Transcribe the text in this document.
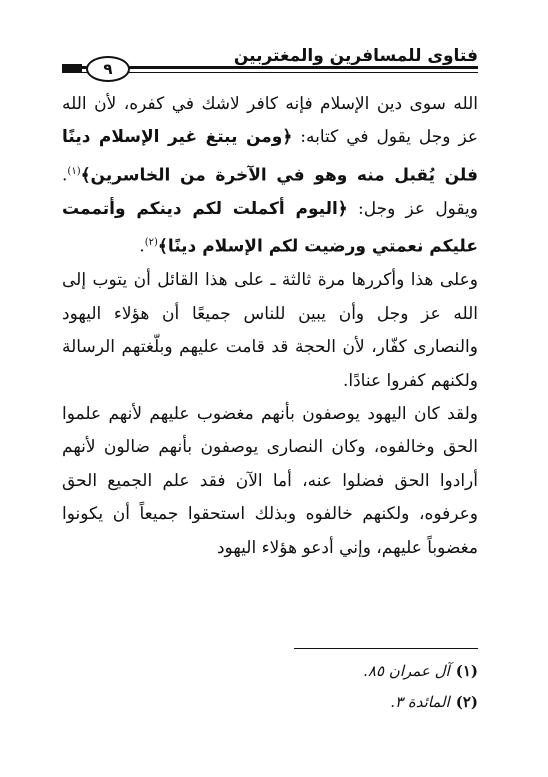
٩
فتاوى للمسافرين والمغتربين

الله سوى دين الإسلام فإنه كافر لاشك في كفره، لأن الله عز وجل يقول في كتابه: ﴿ومن يبتغ غير الإسلام دينًا فلن يُقبل منه وهو في الآخرة من الخاسرين﴾$^{(١)}$. ويقول عز وجل: ﴿اليوم أكملت لكم دينكم وأتممت عليكم نعمتي ورضيت لكم الإسلام دينًا﴾$^{(٢)}$.

وعلى هذا وأكررها مرة ثالثة ـ على هذا القائل أن يتوب إلى الله عز وجل وأن يبين للناس جميعًا أن هؤلاء اليهود والنصارى كفّار، لأن الحجة قد قامت عليهم وبلّغتهم الرسالة ولكنهم كفروا عنادًا.

ولقد كان اليهود يوصفون بأنهم مغضوب عليهم لأنهم علموا الحق وخالفوه، وكان النصارى يوصفون بأنهم ضالون لأنهم أرادوا الحق فضلوا عنه، أما الآن فقد علم الجميع الحق وعرفوه، ولكنهم خالفوه وبذلك استحقوا جميعاً أن يكونوا مغضوباً عليهم، وإني أدعو هؤلاء اليهود

(١)آل عمران ٨٥.
(٢)المائدة ٣.
